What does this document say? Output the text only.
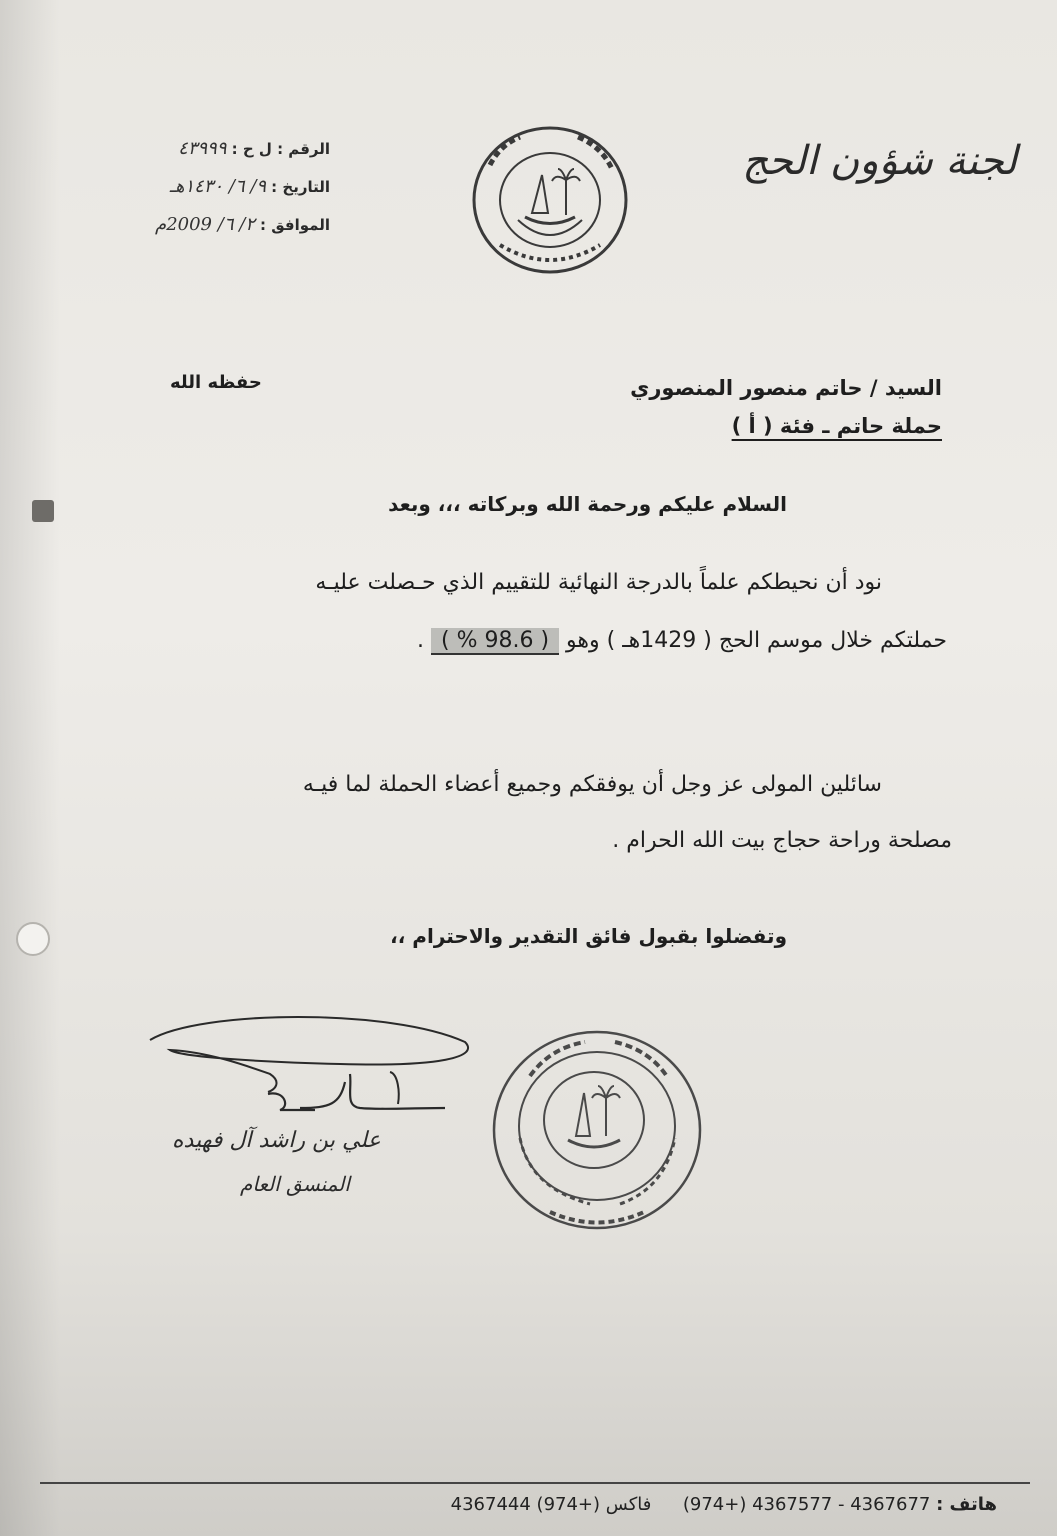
لجنة شؤون الحج
الرقم : ل ح : ٤٣٩٩٩
التاريخ : ٩/ ٦/ ١٤٣٠هـ
الموافق : ٢/ ٦/ 2009م
السيد / حاتم منصور المنصوري
حملة حاتم ـ فئة ( أ )
حفظه الله
السلام عليكم ورحمة الله وبركاته ،،، وبعد
نود أن نحيطكم علماً بالدرجة النهائية للتقييم الذي حـصلت عليـه
حملتكم خلال موسم الحج ( 1429هـ ) وهو ( 98.6 % ) .
سائلين المولى عز وجل أن يوفقكم وجميع أعضاء الحملة لما فيـه
مصلحة وراحة حجاج بيت الله الحرام .
وتفضلوا بقبول فائق التقدير والاحترام ،،
علي بن راشد آل فهيده
المنسق العام
هاتف : 4367677 - 4367577 (+974)  فاكس (+974) 4367444
